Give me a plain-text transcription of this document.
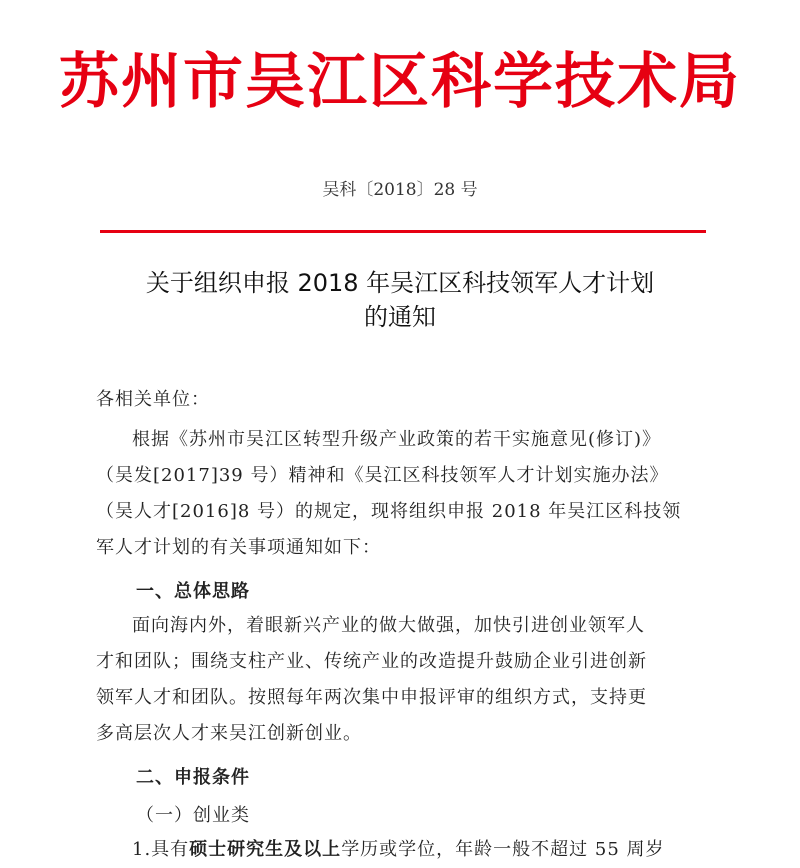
苏州市吴江区科学技术局
吴科〔2018〕28 号
关于组织申报 2018 年吴江区科技领军人才计划
的通知
各相关单位：
根据《苏州市吴江区转型升级产业政策的若干实施意见(修订)》
（吴发[2017]39 号）精神和《吴江区科技领军人才计划实施办法》
（吴人才[2016]8 号）的规定，现将组织申报 2018 年吴江区科技领
军人才计划的有关事项通知如下：
一、总体思路
面向海内外，着眼新兴产业的做大做强，加快引进创业领军人
才和团队；围绕支柱产业、传统产业的改造提升鼓励企业引进创新
领军人才和团队。按照每年两次集中申报评审的组织方式，支持更
多高层次人才来吴江创新创业。
二、申报条件
（一）创业类
1.具有硕士研究生及以上学历或学位，年龄一般不超过 55 周岁
